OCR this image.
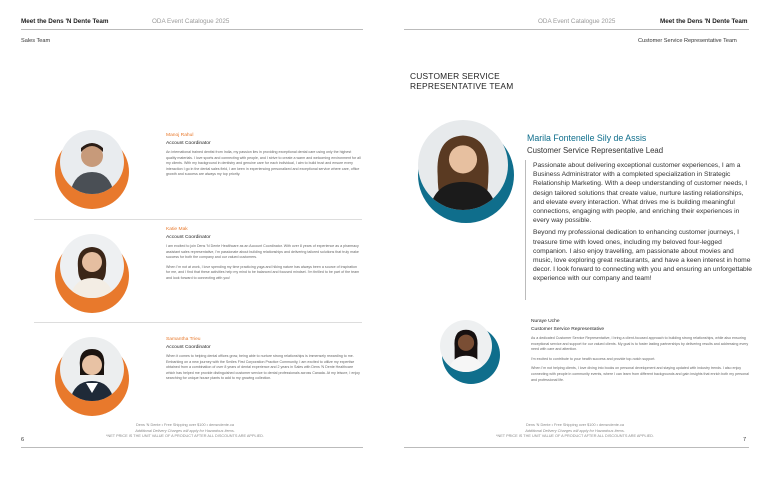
Meet the Dens 'N Dente Team	ODA Event Catalogue 2025
Sales Team
Manoj Rahul
Account Coordinator

An international trained dentist from India, my passion lies in providing exceptional dental care using only the highest quality materials. I love sports and connecting with people, and I strive to create a warm and welcoming environment for all my clients. With my background in dentistry and genuine care for each individual, I aim to build trust and ensure every interaction I go in the dental sales field, I am keen in experiencing personalized and exceptional service where care, office growth and success are always my top priority.

Katie Mak
Account Coordinator

I am excited to join Dens 'N Dente Healthcare as an Account Coordinator. With over 8 years of experience as a pharmacy assistant sales representative, I'm passionate about building relationships and delivering tailored solutions that truly make success for both the company and our valued customers.

When I'm not at work, I love spending my time practicing yoga and hiking nature has always been a source of inspiration for me, and I find that these activities help my mind to be balanced and focused mindset. I'm thrilled to be part of the team and look forward to connecting with you!

Samantha Trieu
Account Coordinator

When it comes to helping dental offices grow, being able to nurture strong relationships is immensely rewarding to me. Embarking on a new journey with the Smiles First Corporation Practice Community, I am excited to utilize my expertise obtained from a combination of over 8 years of dental experience and 2 years in Sales with Dens 'N Dente Healthcare which has helped me provide distinguished customer service to dental professionals across Canada. At my leisure, I enjoy searching for unique house plants to add to my growing collection.

Dens 'N Dente • Free Shipping over $100 • densndente.ca
Additional Delivery Charges will apply for Hazardous Items.
*NET PRICE IS THE UNIT VALUE OF A PRODUCT AFTER ALL DISCOUNTS ARE APPLIED.
6
ODA Event Catalogue 2025	Meet the Dens 'N Dente Team
Customer Service Representative Team
CUSTOMER SERVICE
REPRESENTATIVE TEAM
Marila Fontenelle Sily de Assis
Customer Service Representative Lead

Passionate about delivering exceptional customer experiences, I am a Business Administrator with a completed specialization in Strategic Relationship Marketing. With a deep understanding of customer needs, I design tailored solutions that create value, nurture lasting relationships, and elevate every interaction. What drives me is building meaningful connections, engaging with people, and enriching their experiences in every way possible.

Beyond my professional dedication to enhancing customer journeys, I treasure time with loved ones, including my beloved four-legged companion. I also enjoy travelling, am passionate about movies and music, love exploring great restaurants, and have a keen interest in home decor. I look forward to connecting with you and ensuring an unforgettable experience with our company and team!

Nuraye Uche
Customer Service Representative

As a dedicated Customer Service Representative, I bring a client-focused approach to building strong relationships, while also ensuring exceptional service and support for our valued clients. My goal is to foster lasting partnerships by delivering results and addressing every need with care and attention.

I'm excited to contribute to your health success and provide top-notch support.

When I'm not helping clients, I love diving into books on personal development and staying updated with industry trends. I also enjoy connecting with people in community events, where I can learn from different backgrounds and gain insights that enrich both my personal and professional life.

Dens 'N Dente • Free Shipping over $100 • densndente.ca
Additional Delivery Charges will apply for Hazardous Items.
*NET PRICE IS THE UNIT VALUE OF A PRODUCT AFTER ALL DISCOUNTS ARE APPLIED.
7
